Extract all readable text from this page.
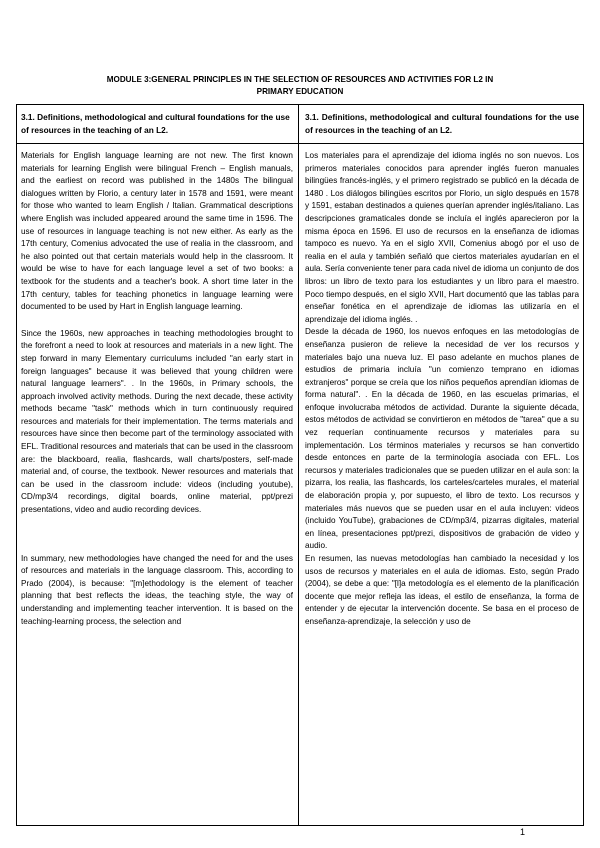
MODULE 3:GENERAL PRINCIPLES IN THE SELECTION OF RESOURCES AND ACTIVITIES FOR L2 IN
PRIMARY EDUCATION
3.1. Definitions, methodological and cultural foundations for the use of resources in the teaching of an L2.
3.1. Definitions, methodological and cultural foundations for the use of resources in the teaching of an L2.

Materials for English language learning are not new. The first known materials for learning English were bilingual French – English manuals, and the earliest on record was published in the 1480s The bilingual dialogues written by Florio, a century later in 1578 and 1591, were meant for those who wanted to learn English / Italian. Grammatical descriptions where English was included appeared around the same time in 1596. The use of resources in language teaching is not new either. As early as the 17th century, Comenius advocated the use of realia in the classroom, and he also pointed out that certain materials would help in the classroom. It would be wise to have for each language level a set of two books: a textbook for the students and a teacher's book. A short time later in the 17th century, tables for teaching phonetics in language learning were documented to be used by Hart in English language learning.

Since the 1960s, new approaches in teaching methodologies brought to the forefront a need to look at resources and materials in a new light. The step forward in many Elementary curriculums included "an early start in foreign languages" because it was believed that young children were natural language learners". . In the 1960s, in Primary schools, the approach involved activity methods. During the next decade, these activity methods became "task" methods which in turn continuously required resources and materials for their implementation. The terms materials and resources have since then become part of the terminology associated with EFL. Traditional resources and materials that can be used in the classroom are: the blackboard, realia, flashcards, wall charts/posters, self-made material and, of course, the textbook. Newer resources and materials that can be used in the classroom include: videos (including youtube), CD/mp3/4 recordings, digital boards, online material, ppt/prezi presentations, video and audio recording devices.

In summary, new methodologies have changed the need for and the uses of resources and materials in the language classroom. This, according to Prado (2004), is because: "[m]ethodology is the element of teacher planning that best reflects the ideas, the teaching style, the way of understanding and implementing teacher intervention. It is based on the teaching-learning process, the selection and

Los materiales para el aprendizaje del idioma inglés no son nuevos. Los primeros materiales conocidos para aprender inglés fueron manuales bilingües francés-inglés, y el primero registrado se publicó en la década de 1480 . Los diálogos bilingües escritos por Florio, un siglo después en 1578 y 1591, estaban destinados a quienes querían aprender inglés/italiano. Las descripciones gramaticales donde se incluía el inglés aparecieron por la misma época en 1596. El uso de recursos en la enseñanza de idiomas tampoco es nuevo. Ya en el siglo XVII, Comenius abogó por el uso de realia en el aula y también señaló que ciertos materiales ayudarían en el aula. Sería conveniente tener para cada nivel de idioma un conjunto de dos libros: un libro de texto para los estudiantes y un libro para el maestro. Poco tiempo después, en el siglo XVII, Hart documentó que las tablas para enseñar fonética en el aprendizaje de idiomas las utilizaría en el aprendizaje del idioma inglés. .

Desde la década de 1960, los nuevos enfoques en las metodologías de enseñanza pusieron de relieve la necesidad de ver los recursos y materiales bajo una nueva luz. El paso adelante en muchos planes de estudios de primaria incluía "un comienzo temprano en idiomas extranjeros" porque se creía que los niños pequeños aprendían idiomas de forma natural". . En la década de 1960, en las escuelas primarias, el enfoque involucraba métodos de actividad. Durante la siguiente década, estos métodos de actividad se convirtieron en métodos de "tarea" que a su vez requerían continuamente recursos y materiales para su implementación. Los términos materiales y recursos se han convertido desde entonces en parte de la terminología asociada con EFL. Los recursos y materiales tradicionales que se pueden utilizar en el aula son: la pizarra, los realia, las flashcards, los carteles/carteles murales, el material de elaboración propia y, por supuesto, el libro de texto. Los recursos y materiales más nuevos que se pueden usar en el aula incluyen: videos (incluido YouTube), grabaciones de CD/mp3/4, pizarras digitales, material en línea, presentaciones ppt/prezi, dispositivos de grabación de video y audio.

En resumen, las nuevas metodologías han cambiado la necesidad y los usos de recursos y materiales en el aula de idiomas. Esto, según Prado (2004), se debe a que: "[l]a metodología es el elemento de la planificación docente que mejor refleja las ideas, el estilo de enseñanza, la forma de entender y de ejecutar la intervención docente. Se basa en el proceso de enseñanza-aprendizaje, la selección y uso de

1
